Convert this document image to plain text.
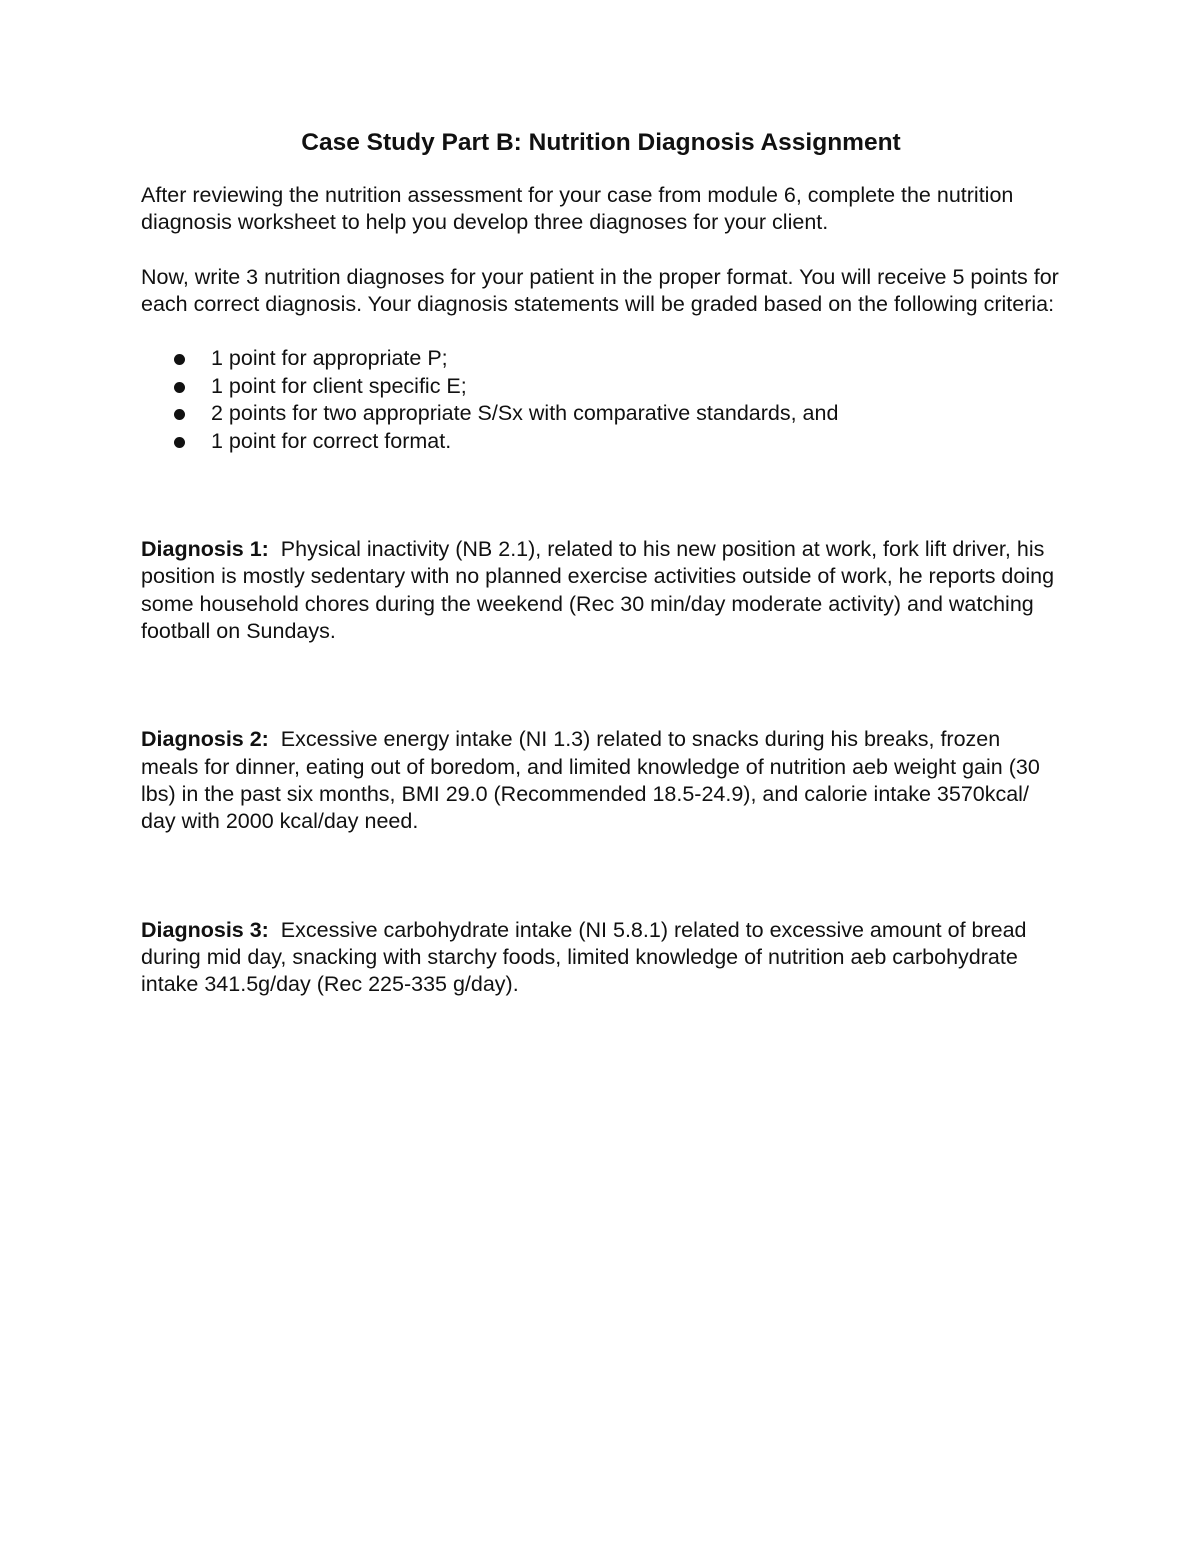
Case Study Part B: Nutrition Diagnosis Assignment

After reviewing the nutrition assessment for your case from module 6, complete the nutrition diagnosis worksheet to help you develop three diagnoses for your client.

Now, write 3 nutrition diagnoses for your patient in the proper format. You will receive 5 points for each correct diagnosis. Your diagnosis statements will be graded based on the following criteria:

1 point for appropriate P;
1 point for client specific E;
2 points for two appropriate S/Sx with comparative standards, and
1 point for correct format.

Diagnosis 1: Physical inactivity (NB 2.1), related to his new position at work, fork lift driver, his position is mostly sedentary with no planned exercise activities outside of work, he reports doing some household chores during the weekend (Rec 30 min/day moderate activity) and watching football on Sundays.

Diagnosis 2: Excessive energy intake (NI 1.3) related to snacks during his breaks, frozen meals for dinner, eating out of boredom, and limited knowledge of nutrition aeb weight gain (30 lbs) in the past six months, BMI 29.0 (Recommended 18.5-24.9), and calorie intake 3570kcal/ day with 2000 kcal/day need.

Diagnosis 3: Excessive carbohydrate intake (NI 5.8.1) related to excessive amount of bread during mid day, snacking with starchy foods, limited knowledge of nutrition aeb carbohydrate intake 341.5g/day (Rec 225-335 g/day).
